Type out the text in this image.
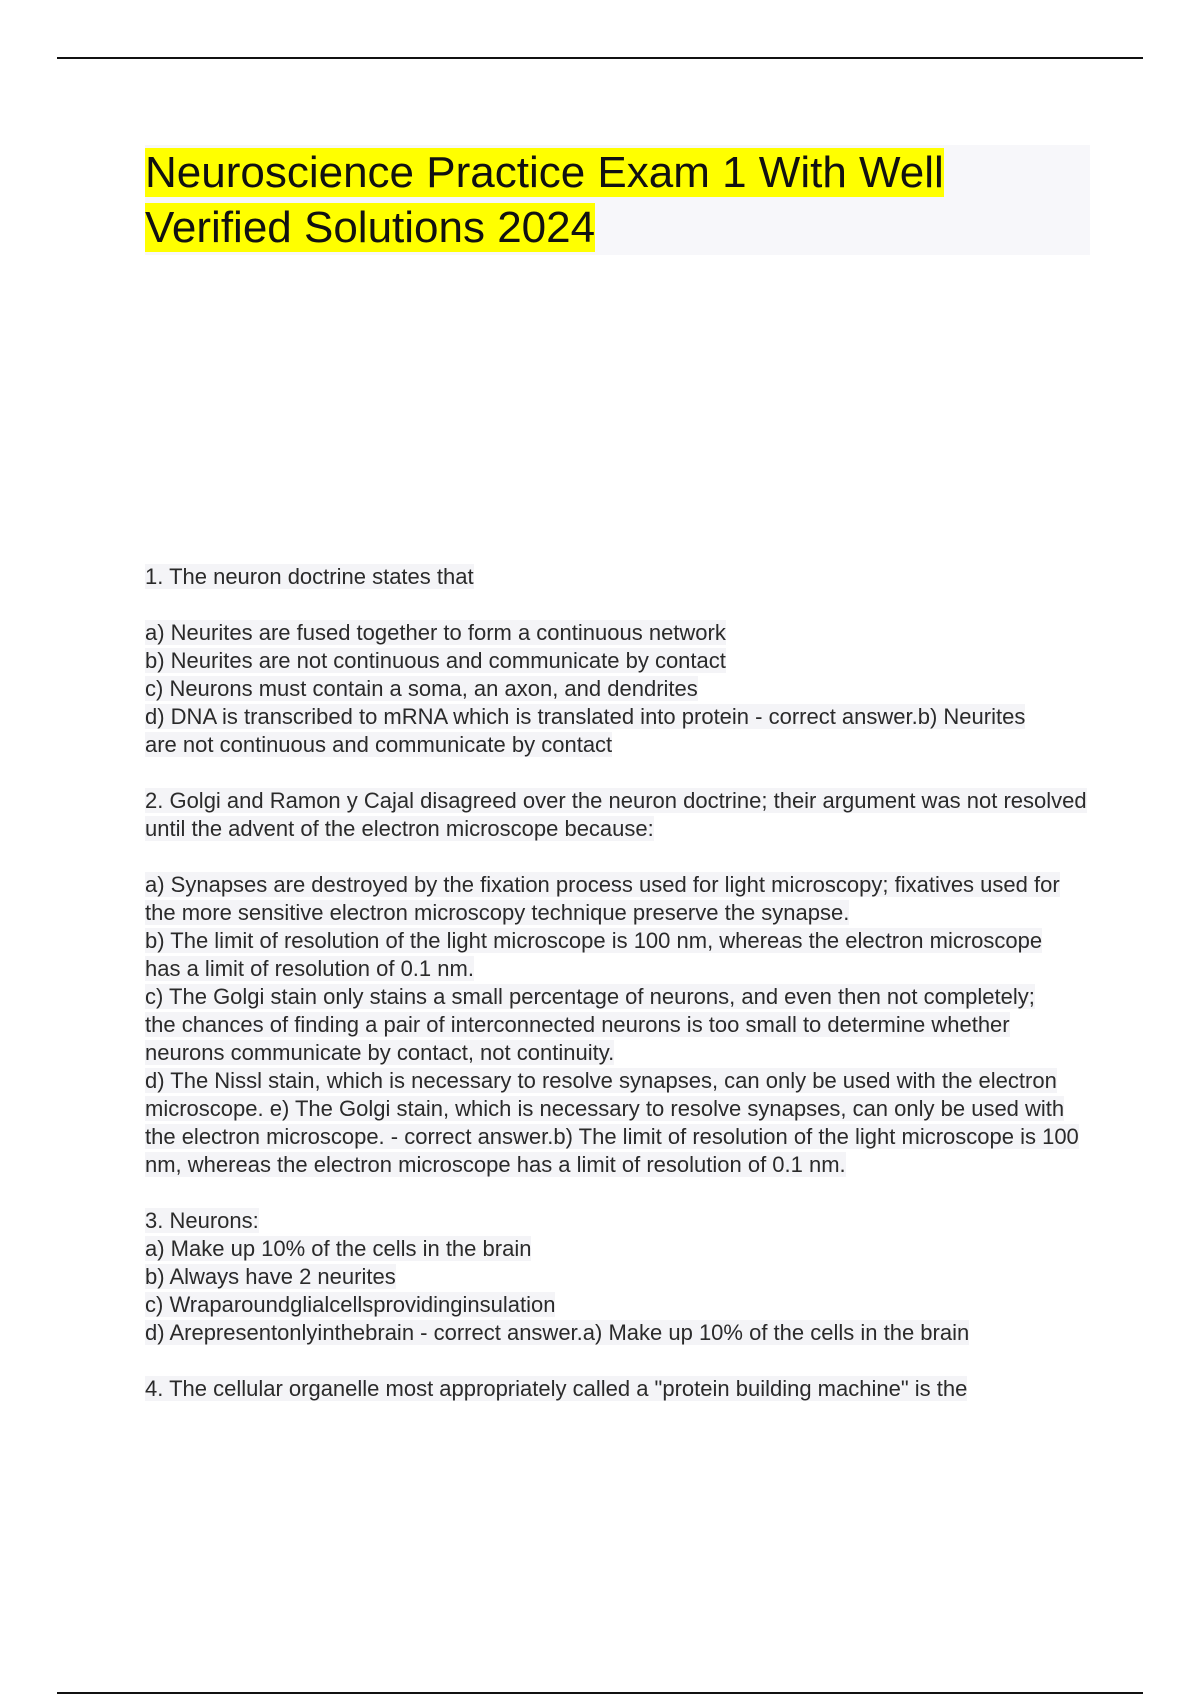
Neuroscience Practice Exam 1 With Well Verified Solutions 2024
1. The neuron doctrine states that
a) Neurites are fused together to form a continuous network
b) Neurites are not continuous and communicate by contact
c) Neurons must contain a soma, an axon, and dendrites
d) DNA is transcribed to mRNA which is translated into protein - correct answer.b) Neurites are not continuous and communicate by contact
2. Golgi and Ramon y Cajal disagreed over the neuron doctrine; their argument was not resolved until the advent of the electron microscope because:
a) Synapses are destroyed by the fixation process used for light microscopy; fixatives used for the more sensitive electron microscopy technique preserve the synapse.
b) The limit of resolution of the light microscope is 100 nm, whereas the electron microscope has a limit of resolution of 0.1 nm.
c) The Golgi stain only stains a small percentage of neurons, and even then not completely; the chances of finding a pair of interconnected neurons is too small to determine whether neurons communicate by contact, not continuity.
d) The Nissl stain, which is necessary to resolve synapses, can only be used with the electron microscope. e) The Golgi stain, which is necessary to resolve synapses, can only be used with the electron microscope. - correct answer.b) The limit of resolution of the light microscope is 100 nm, whereas the electron microscope has a limit of resolution of 0.1 nm.
3. Neurons:
a) Make up 10% of the cells in the brain
b) Always have 2 neurites
c) Wraparoundglialcellsprovidinginsulation
d) Arepresentonlyinthebrain - correct answer.a) Make up 10% of the cells in the brain
4. The cellular organelle most appropriately called a "protein building machine" is the
